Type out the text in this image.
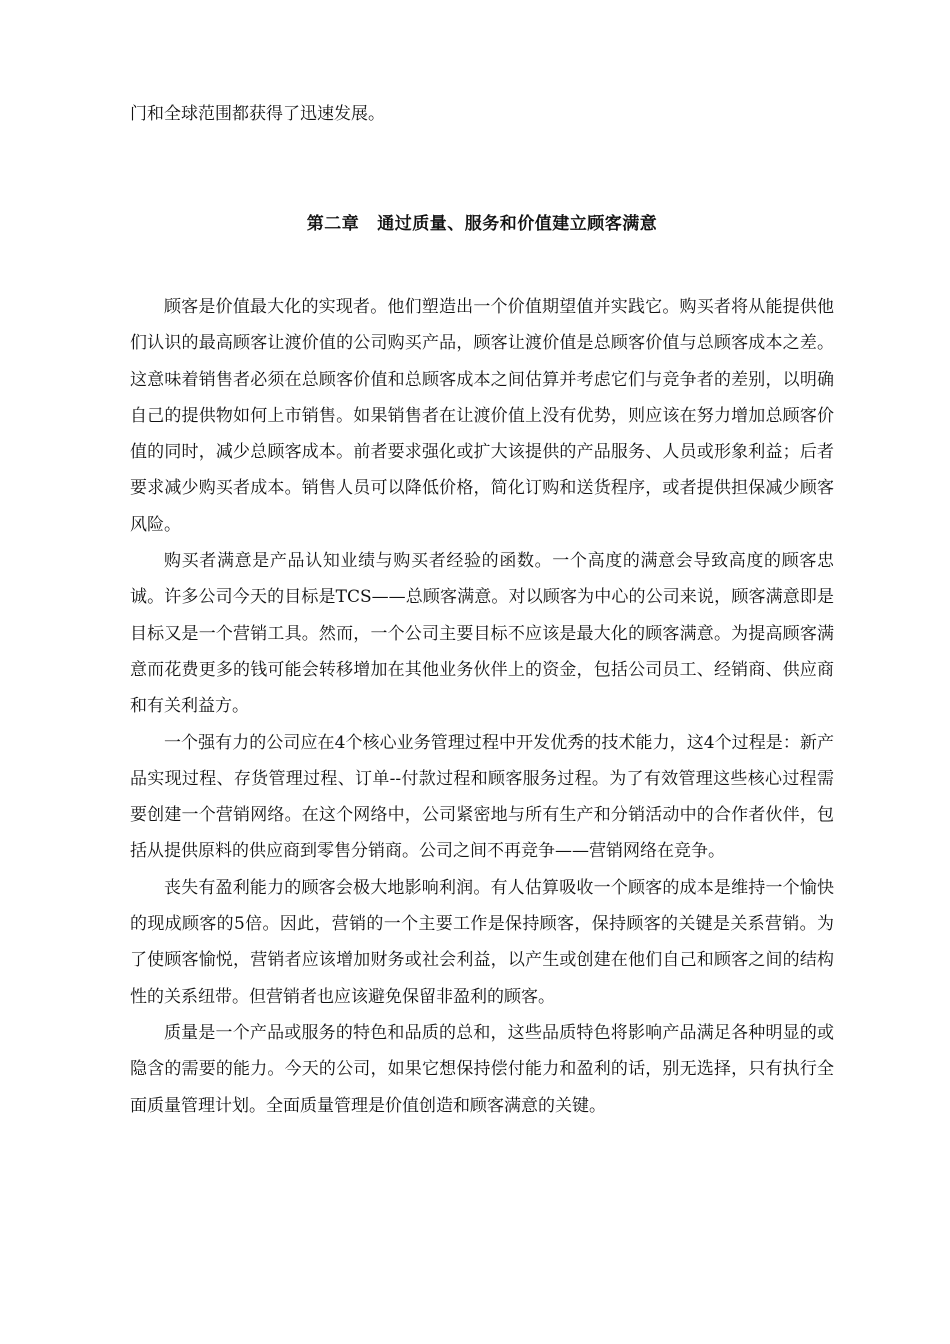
门和全球范围都获得了迅速发展。

第二章 通过质量、服务和价值建立顾客满意

顾客是价值最大化的实现者。他们塑造出一个价值期望值并实践它。购买者将从能提供他们认识的最高顾客让渡价值的公司购买产品，顾客让渡价值是总顾客价值与总顾客成本之差。这意味着销售者必须在总顾客价值和总顾客成本之间估算并考虑它们与竞争者的差别，以明确自己的提供物如何上市销售。如果销售者在让渡价值上没有优势，则应该在努力增加总顾客价值的同时，减少总顾客成本。前者要求强化或扩大该提供的产品服务、人员或形象利益；后者要求减少购买者成本。销售人员可以降低价格，简化订购和送货程序，或者提供担保减少顾客风险。

购买者满意是产品认知业绩与购买者经验的函数。一个高度的满意会导致高度的顾客忠诚。许多公司今天的目标是TCS——总顾客满意。对以顾客为中心的公司来说，顾客满意即是目标又是一个营销工具。然而，一个公司主要目标不应该是最大化的顾客满意。为提高顾客满意而花费更多的钱可能会转移增加在其他业务伙伴上的资金，包括公司员工、经销商、供应商和有关利益方。

一个强有力的公司应在4个核心业务管理过程中开发优秀的技术能力，这4个过程是：新产品实现过程、存货管理过程、订单--付款过程和顾客服务过程。为了有效管理这些核心过程需要创建一个营销网络。在这个网络中，公司紧密地与所有生产和分销活动中的合作者伙伴，包括从提供原料的供应商到零售分销商。公司之间不再竞争——营销网络在竞争。

丧失有盈利能力的顾客会极大地影响利润。有人估算吸收一个顾客的成本是维持一个愉快的现成顾客的5倍。因此，营销的一个主要工作是保持顾客，保持顾客的关键是关系营销。为了使顾客愉悦，营销者应该增加财务或社会利益，以产生或创建在他们自己和顾客之间的结构性的关系纽带。但营销者也应该避免保留非盈利的顾客。

质量是一个产品或服务的特色和品质的总和，这些品质特色将影响产品满足各种明显的或隐含的需要的能力。今天的公司，如果它想保持偿付能力和盈利的话，别无选择，只有执行全面质量管理计划。全面质量管理是价值创造和顾客满意的关键。
